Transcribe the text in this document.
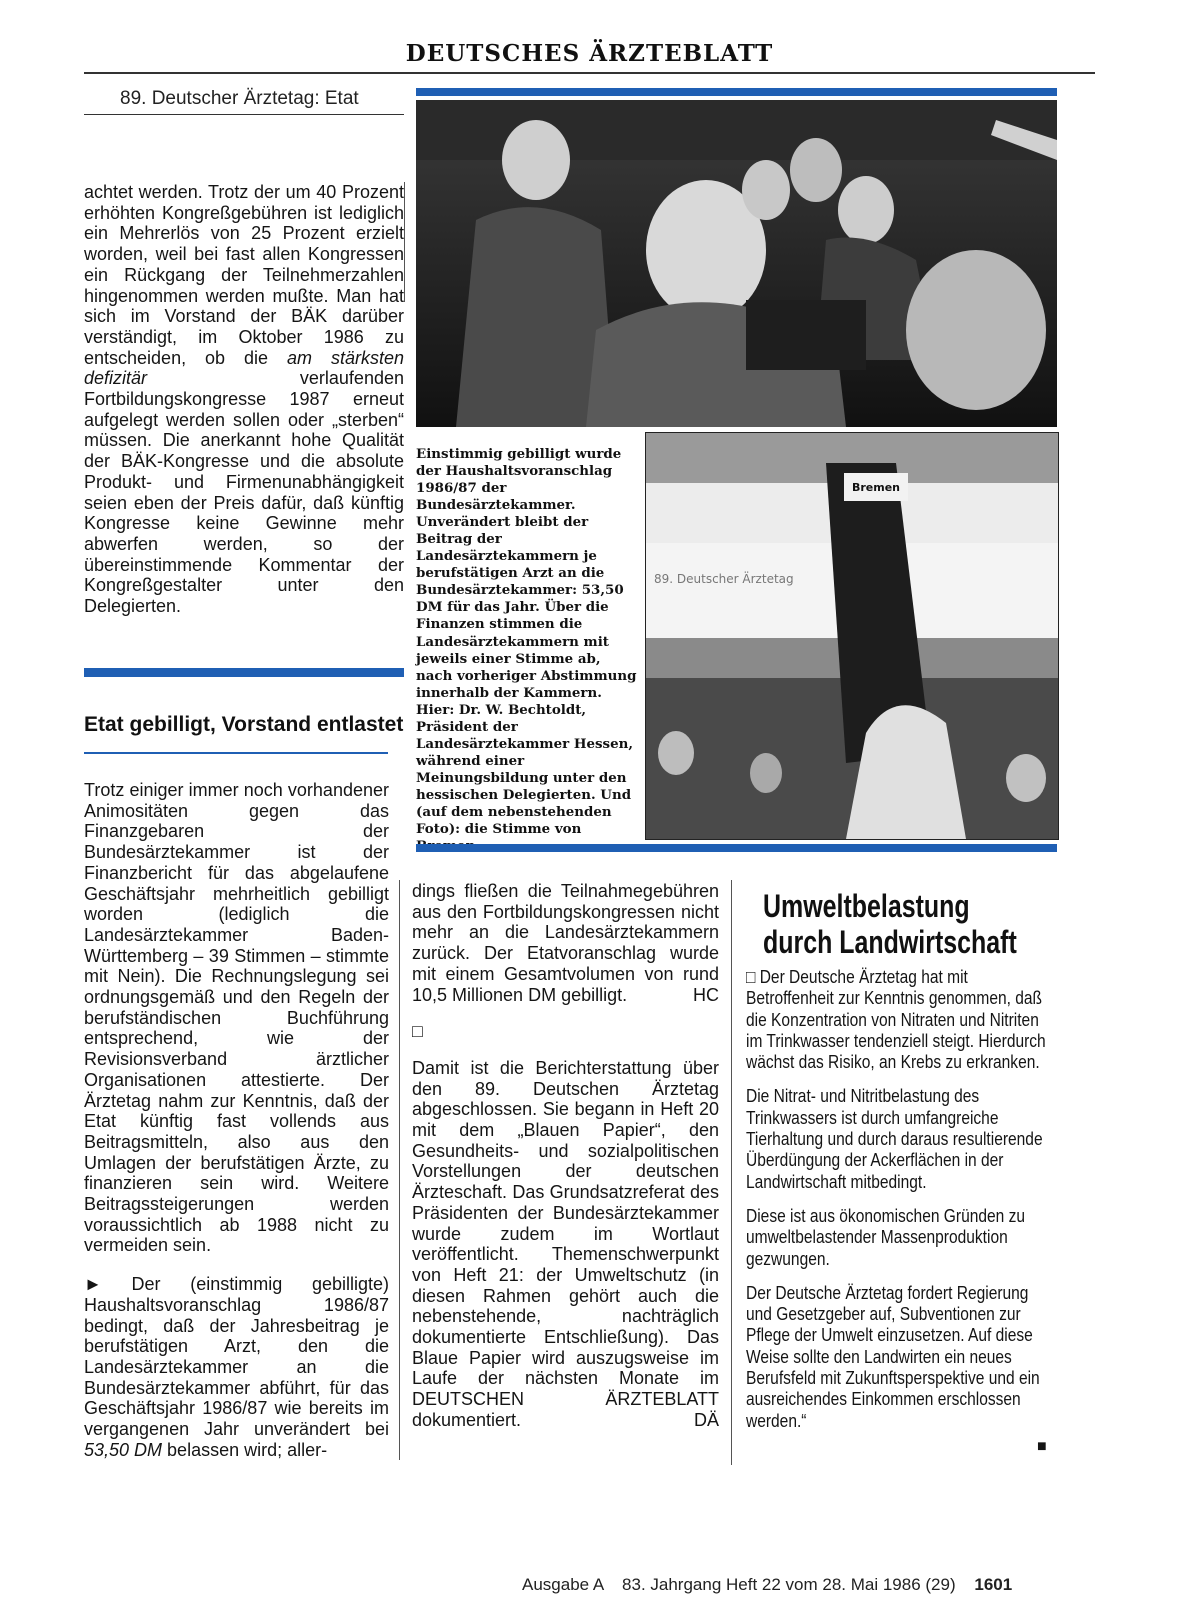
DEUTSCHES ÄRZTEBLATT
89. Deutscher Ärztetag: Etat

achtet werden. Trotz der um 40 Prozent erhöhten Kongreßgebühren ist lediglich ein Mehrerlös von 25 Prozent erzielt worden, weil bei fast allen Kongressen ein Rückgang der Teilnehmerzahlen hingenommen werden mußte. Man hat sich im Vorstand der BÄK darüber verständigt, im Oktober 1986 zu entscheiden, ob die am stärksten defizitär verlaufenden Fortbildungskongresse 1987 erneut aufgelegt werden sollen oder „sterben“ müssen. Die anerkannt hohe Qualität der BÄK-Kongresse und die absolute Produkt- und Firmenunabhängigkeit seien eben der Preis dafür, daß künftig Kongresse keine Gewinne mehr abwerfen werden, so der übereinstimmende Kommentar der Kongreßgestalter unter den Delegierten.

Etat gebilligt, Vorstand entlastet

Trotz einiger immer noch vorhandener Animositäten gegen das Finanzgebaren der Bundesärztekammer ist der Finanzbericht für das abgelaufene Geschäftsjahr mehrheitlich gebilligt worden (lediglich die Landesärztekammer Baden-Württemberg – 39 Stimmen – stimmte mit Nein). Die Rechnungslegung sei ordnungsgemäß und den Regeln der berufständischen Buchführung entsprechend, wie der Revisionsverband ärztlicher Organisationen attestierte. Der Ärztetag nahm zur Kenntnis, daß der Etat künftig fast vollends aus Beitragsmitteln, also aus den Umlagen der berufstätigen Ärzte, zu finanzieren sein wird. Weitere Beitragssteigerungen werden voraussichtlich ab 1988 nicht zu vermeiden sein.

► Der (einstimmig gebilligte) Haushaltsvoranschlag 1986/87 bedingt, daß der Jahresbeitrag je berufstätigen Arzt, den die Landesärztekammer an die Bundesärztekammer abführt, für das Geschäftsjahr 1986/87 wie bereits im vergangenen Jahr unverändert bei 53,50 DM belassen wird; aller-

Einstimmig gebilligt wurde der Haushaltsvoranschlag 1986/87 der Bundesärztekammer. Unverändert bleibt der Beitrag der Landesärztekammern je berufstätigen Arzt an die Bundesärztekammer: 53,50 DM für das Jahr. Über die Finanzen stimmen die Landesärztekammern mit jeweils einer Stimme ab, nach vorheriger Abstimmung innerhalb der Kammern. Hier: Dr. W. Bechtoldt, Präsident der Landesärztekammer Hessen, während einer Meinungsbildung unter den hessischen Delegierten. Und (auf dem nebenstehenden Foto): die Stimme von
Bremen
89. Deutscher Ärztetag

dings fließen die Teilnahmegebühren aus den Fortbildungskongressen nicht mehr an die Landesärztekammern zurück. Der Etatvoranschlag wurde mit einem Gesamtvolumen von rund 10,5 Millionen DM gebilligt.	HC

□

Damit ist die Berichterstattung über den 89. Deutschen Ärztetag abgeschlossen. Sie begann in Heft 20 mit dem „Blauen Papier“, den Gesundheits- und sozialpolitischen Vorstellungen der deutschen Ärzteschaft. Das Grundsatzreferat des Präsidenten der Bundesärztekammer wurde zudem im Wortlaut veröffentlicht. Themenschwerpunkt von Heft 21: der Umweltschutz (in diesen Rahmen gehört auch die nebenstehende, nachträglich dokumentierte Entschließung). Das Blaue Papier wird auszugsweise im Laufe der nächsten Monate im DEUTSCHEN ÄRZTEBLATT dokumentiert.	DÄ

Umweltbelastung durch Landwirtschaft

□ Der Deutsche Ärztetag hat mit Betroffenheit zur Kenntnis genommen, daß die Konzentration von Nitraten und Nitriten im Trinkwasser tendenziell steigt. Hierdurch wächst das Risiko, an Krebs zu erkranken.

Die Nitrat- und Nitritbelastung des Trinkwassers ist durch umfangreiche Tierhaltung und durch daraus resultierende Überdüngung der Ackerflächen in der Landwirtschaft mitbedingt.

Diese ist aus ökonomischen Gründen zu umweltbelastender Massenproduktion gezwungen.

Der Deutsche Ärztetag fordert Regierung und Gesetzgeber auf, Subventionen zur Pflege der Umwelt einzusetzen. Auf diese Weise sollte den Landwirten ein neues Berufsfeld mit Zukunftsperspektive und ein ausreichendes Einkommen erschlossen werden.“

■
Ausgabe A 83. Jahrgang Heft 22 vom 28. Mai 1986 (29) 1601
